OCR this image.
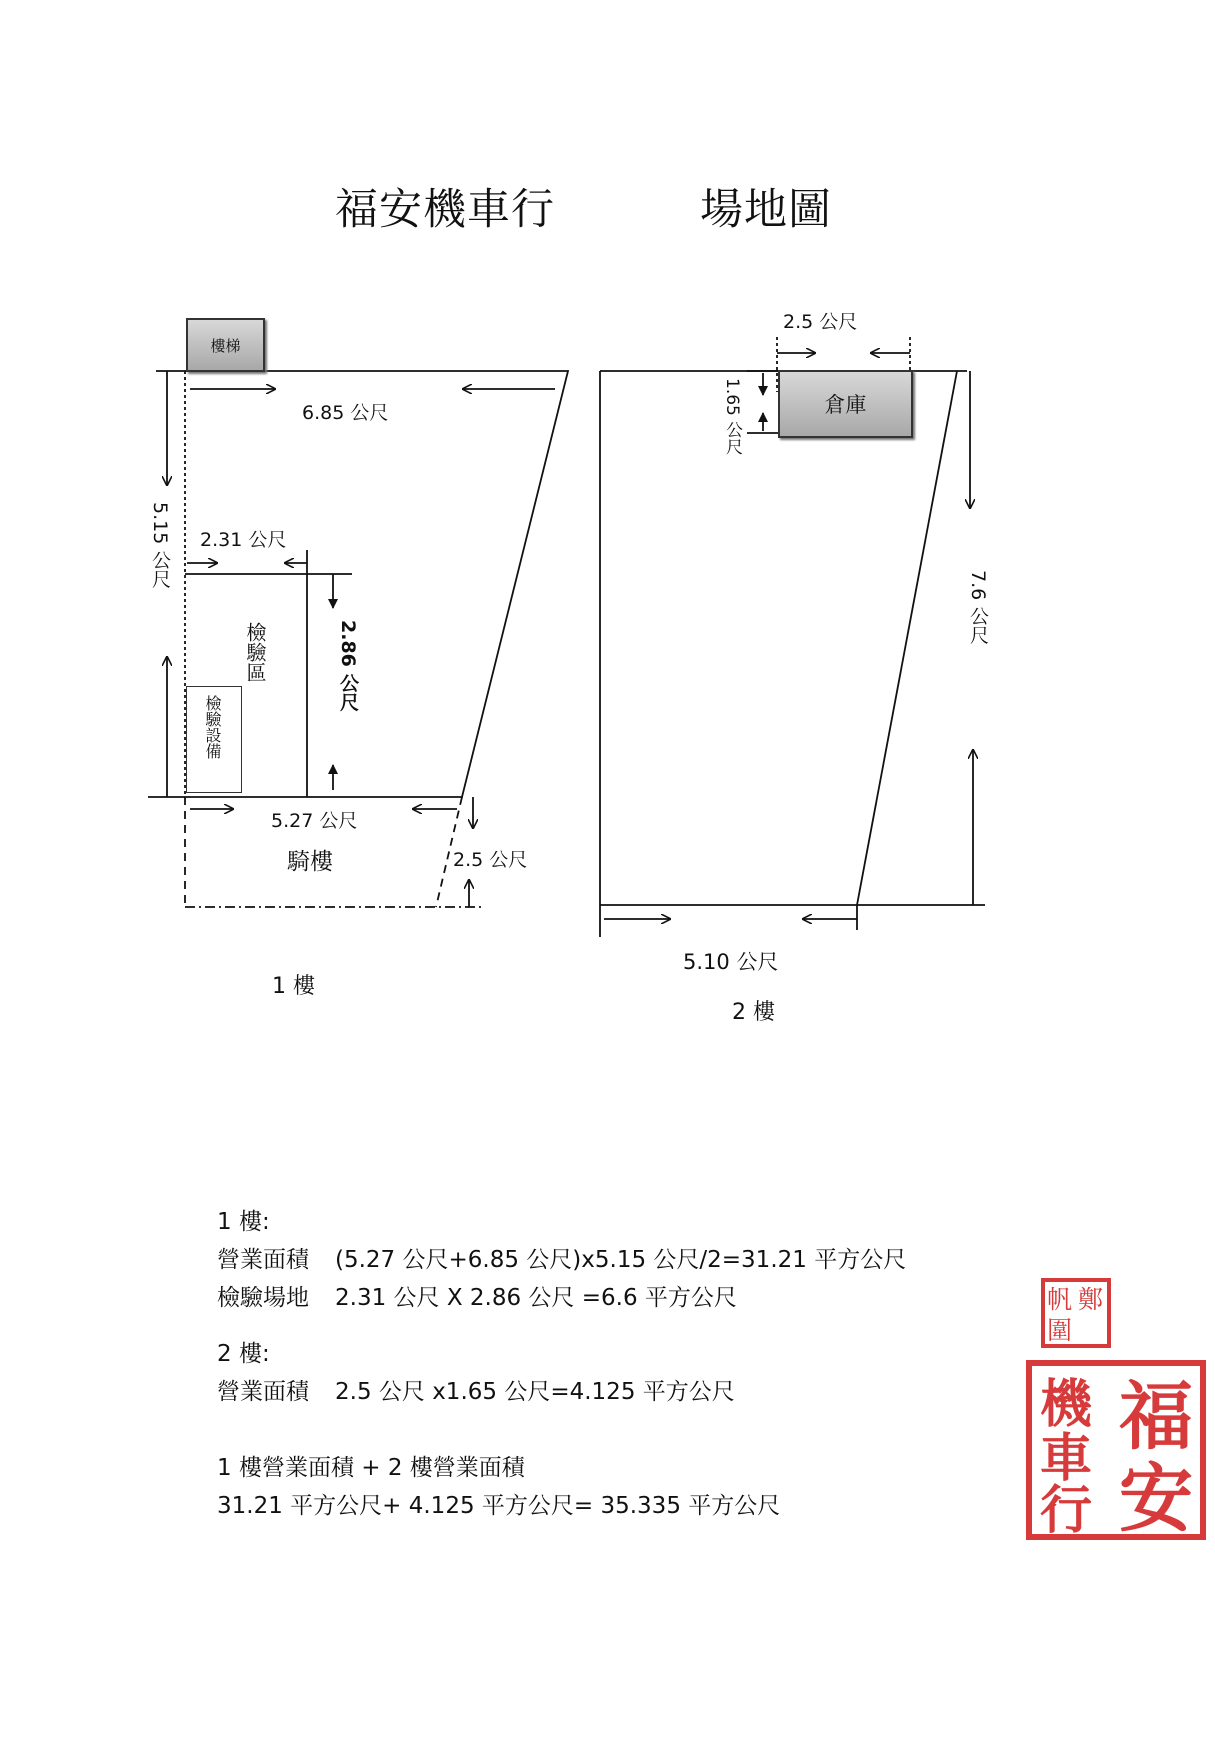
福安機車行	場地圖
樓梯
6.85 公尺
5.15 公尺 2.31 公尺
2.86 公尺
檢驗區
檢驗設備
5.27 公尺
騎樓	2.5 公尺
1 樓
2.5 公尺
1.65 公尺	倉庫
7.6 公尺
5.10 公尺
2 樓
1 樓:
營業面積 (5.27 公尺+6.85 公尺)x5.15 公尺/2=31.21 平方公尺
檢驗場地 2.31 公尺 X 2.86 公尺 =6.6 平方公尺
2 樓:
營業面積 2.5 公尺 x1.65 公尺=4.125 平方公尺
1 樓營業面積 + 2 樓營業面積
31.21 平方公尺+ 4.125 平方公尺= 35.335 平方公尺
鄭
帆
圍
福
安
機
車
行
